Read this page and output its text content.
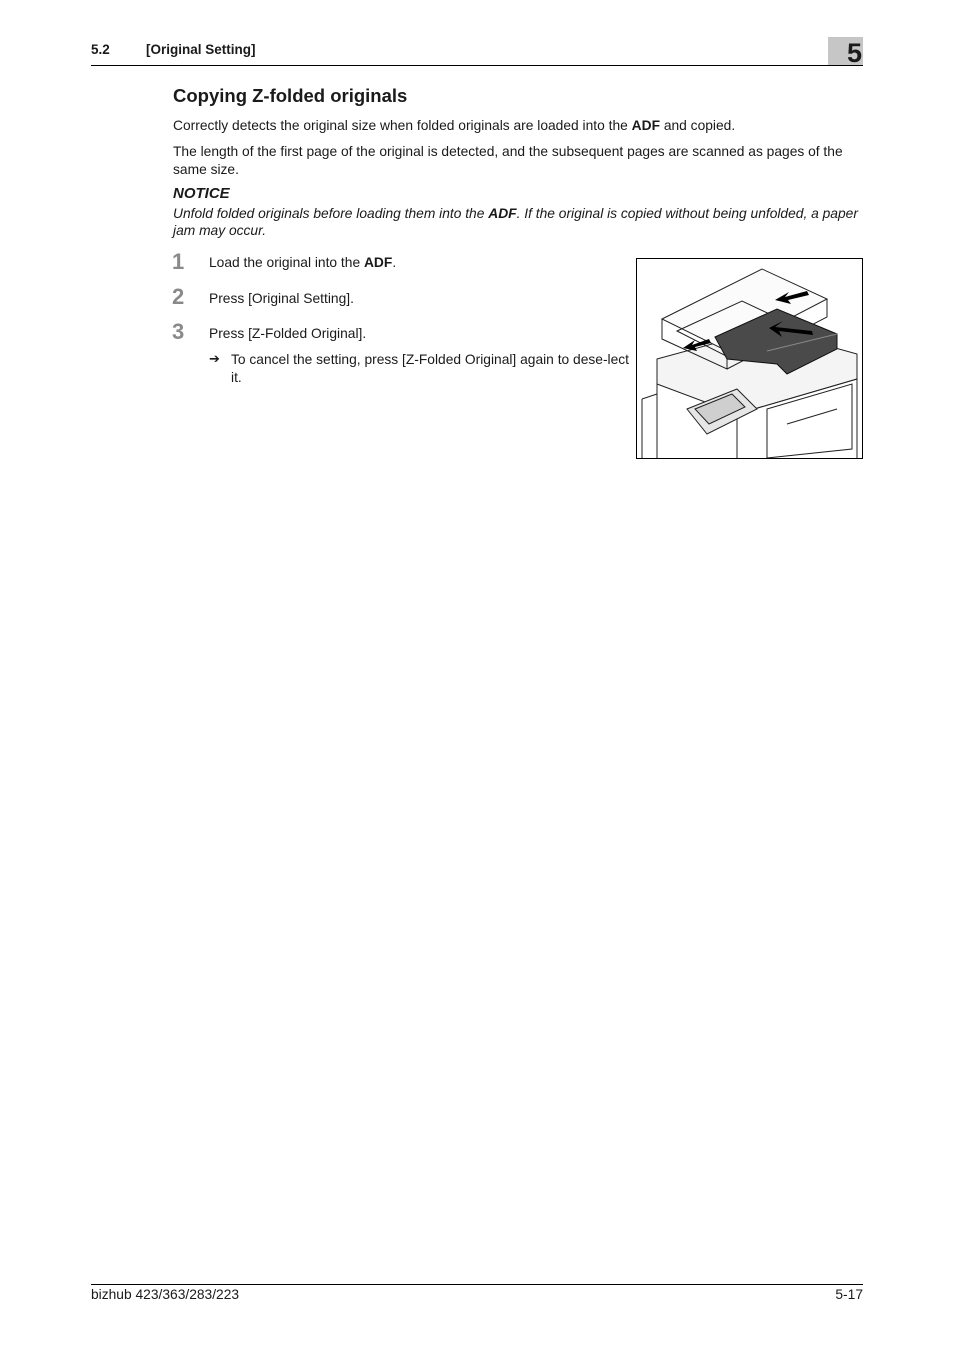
5.2	[Original Setting]	5
Copying Z-folded originals

Correctly detects the original size when folded originals are loaded into the ADF and copied.

The length of the first page of the original is detected, and the subsequent pages are scanned as pages of the same size.

NOTICE
Unfold folded originals before loading them into the ADF. If the original is copied without being unfolded, a paper jam may occur.
1 Load the original into the ADF.
2 Press [Original Setting].
3 Press [Z-Folded Original].
➔ To cancel the setting, press [Z-Folded Original] again to dese-lect it.
bizhub 423/363/283/223	5-17
